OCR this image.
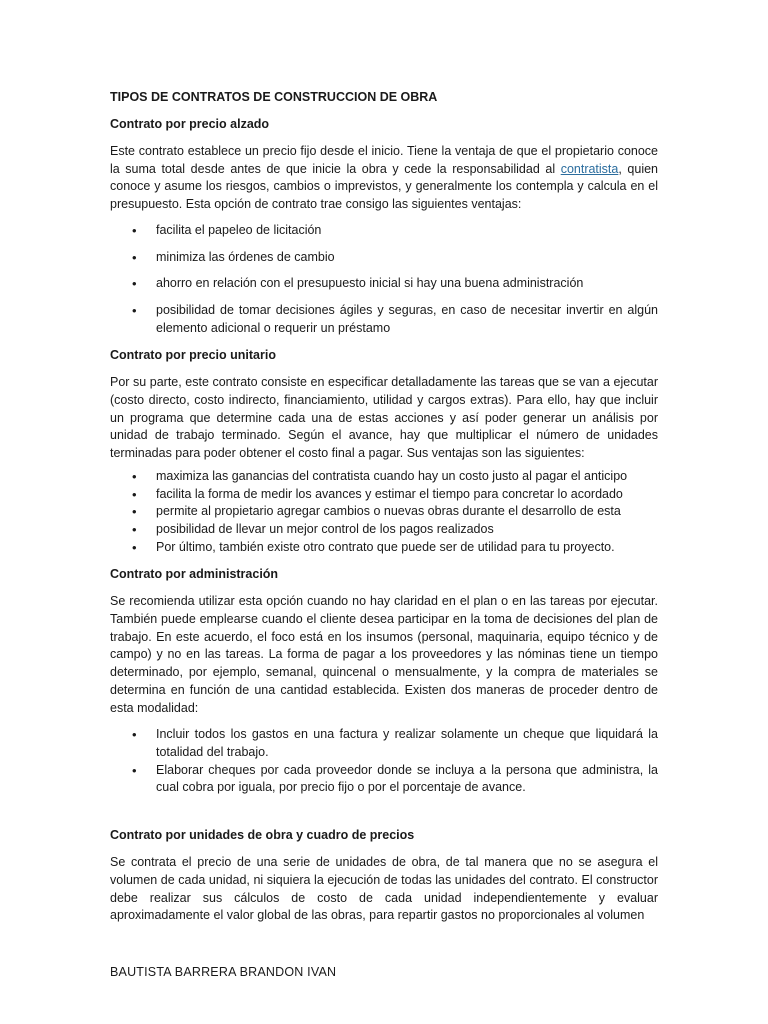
TIPOS DE CONTRATOS DE CONSTRUCCION DE OBRA
Contrato por precio alzado

Este contrato establece un precio fijo desde el inicio. Tiene la ventaja de que el propietario conoce la suma total desde antes de que inicie la obra y cede la responsabilidad al contratista, quien conoce y asume los riesgos, cambios o imprevistos, y generalmente los contempla y calcula en el presupuesto. Esta opción de contrato trae consigo las siguientes ventajas:

• facilita el papeleo de licitación
• minimiza las órdenes de cambio
• ahorro en relación con el presupuesto inicial si hay una buena administración
• posibilidad de tomar decisiones ágiles y seguras, en caso de necesitar invertir en algún elemento adicional o requerir un préstamo
Contrato por precio unitario

Por su parte, este contrato consiste en especificar detalladamente las tareas que se van a ejecutar (costo directo, costo indirecto, financiamiento, utilidad y cargos extras). Para ello, hay que incluir un programa que determine cada una de estas acciones y así poder generar un análisis por unidad de trabajo terminado. Según el avance, hay que multiplicar el número de unidades terminadas para poder obtener el costo final a pagar. Sus ventajas son las siguientes:

• maximiza las ganancias del contratista cuando hay un costo justo al pagar el anticipo
• facilita la forma de medir los avances y estimar el tiempo para concretar lo acordado
• permite al propietario agregar cambios o nuevas obras durante el desarrollo de esta
• posibilidad de llevar un mejor control de los pagos realizados
• Por último, también existe otro contrato que puede ser de utilidad para tu proyecto.
Contrato por administración

Se recomienda utilizar esta opción cuando no hay claridad en el plan o en las tareas por ejecutar. También puede emplearse cuando el cliente desea participar en la toma de decisiones del plan de trabajo. En este acuerdo, el foco está en los insumos (personal, maquinaria, equipo técnico y de campo) y no en las tareas. La forma de pagar a los proveedores y las nóminas tiene un tiempo determinado, por ejemplo, semanal, quincenal o mensualmente, y la compra de materiales se determina en función de una cantidad establecida. Existen dos maneras de proceder dentro de esta modalidad:

• Incluir todos los gastos en una factura y realizar solamente un cheque que liquidará la totalidad del trabajo.
• Elaborar cheques por cada proveedor donde se incluya a la persona que administra, la cual cobra por iguala, por precio fijo o por el porcentaje de avance.
Contrato por unidades de obra y cuadro de precios

Se contrata el precio de una serie de unidades de obra, de tal manera que no se asegura el volumen de cada unidad, ni siquiera la ejecución de todas las unidades del contrato. El constructor debe realizar sus cálculos de costo de cada unidad independientemente y evaluar aproximadamente el valor global de las obras, para repartir gastos no proporcionales al volumen

BAUTISTA BARRERA BRANDON IVAN
